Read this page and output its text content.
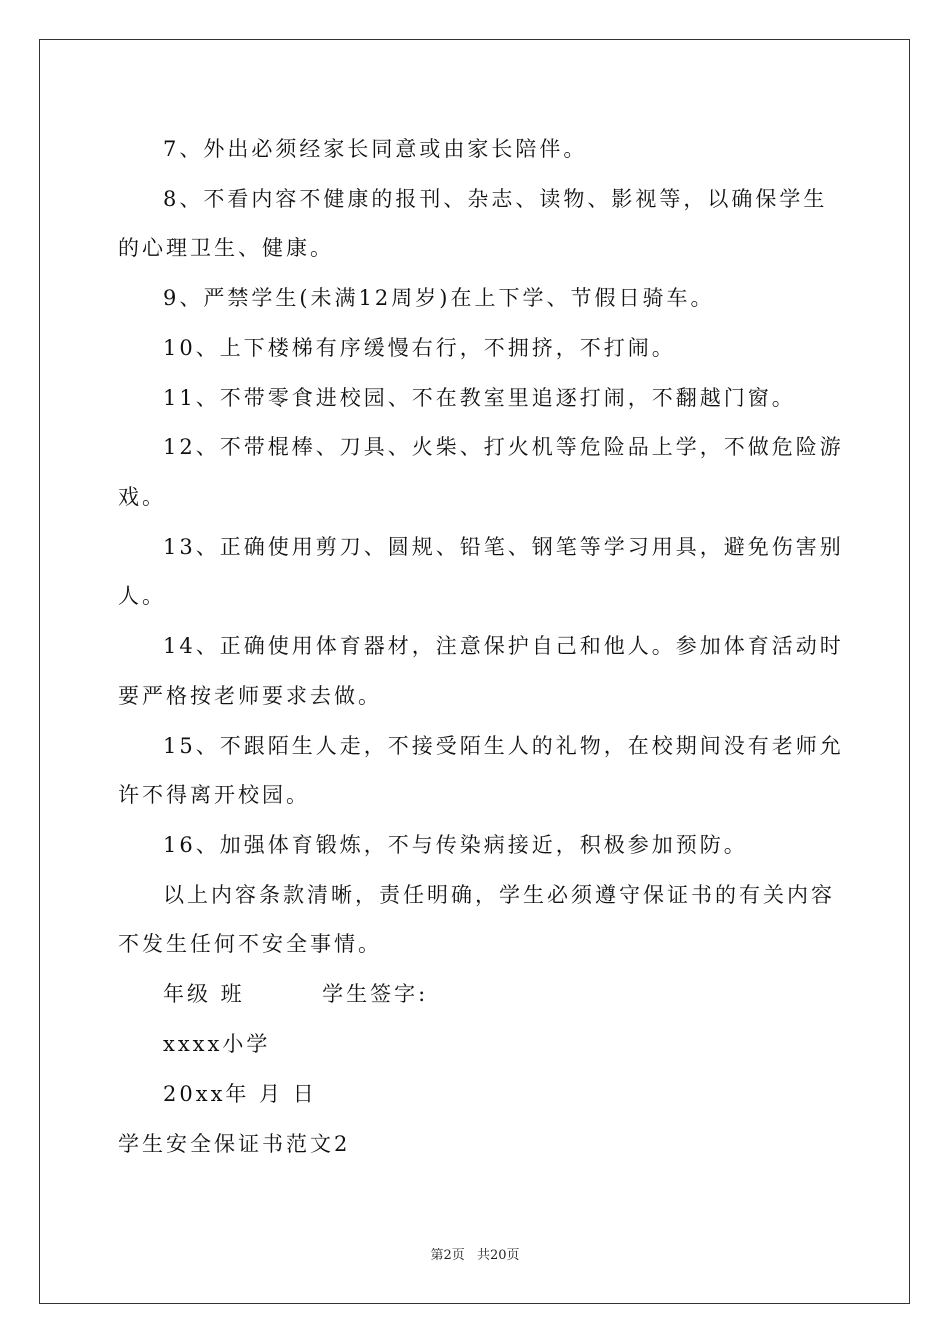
7、外出必须经家长同意或由家长陪伴。
8、不看内容不健康的报刊、杂志、读物、影视等，以确保学生
的心理卫生、健康。
9、严禁学生(未满12周岁)在上下学、节假日骑车。
10、上下楼梯有序缓慢右行，不拥挤，不打闹。
11、不带零食进校园、不在教室里追逐打闹，不翻越门窗。
12、不带棍棒、刀具、火柴、打火机等危险品上学，不做危险游
戏。
13、正确使用剪刀、圆规、铅笔、钢笔等学习用具，避免伤害别
人。
14、正确使用体育器材，注意保护自己和他人。参加体育活动时
要严格按老师要求去做。
15、不跟陌生人走，不接受陌生人的礼物，在校期间没有老师允
许不得离开校园。
16、加强体育锻炼，不与传染病接近，积极参加预防。
以上内容条款清晰，责任明确，学生必须遵守保证书的有关内容
不发生任何不安全事情。
年级 班        学生签字:
xxxx小学
20xx年 月 日
学生安全保证书范文2
第2页 共20页
